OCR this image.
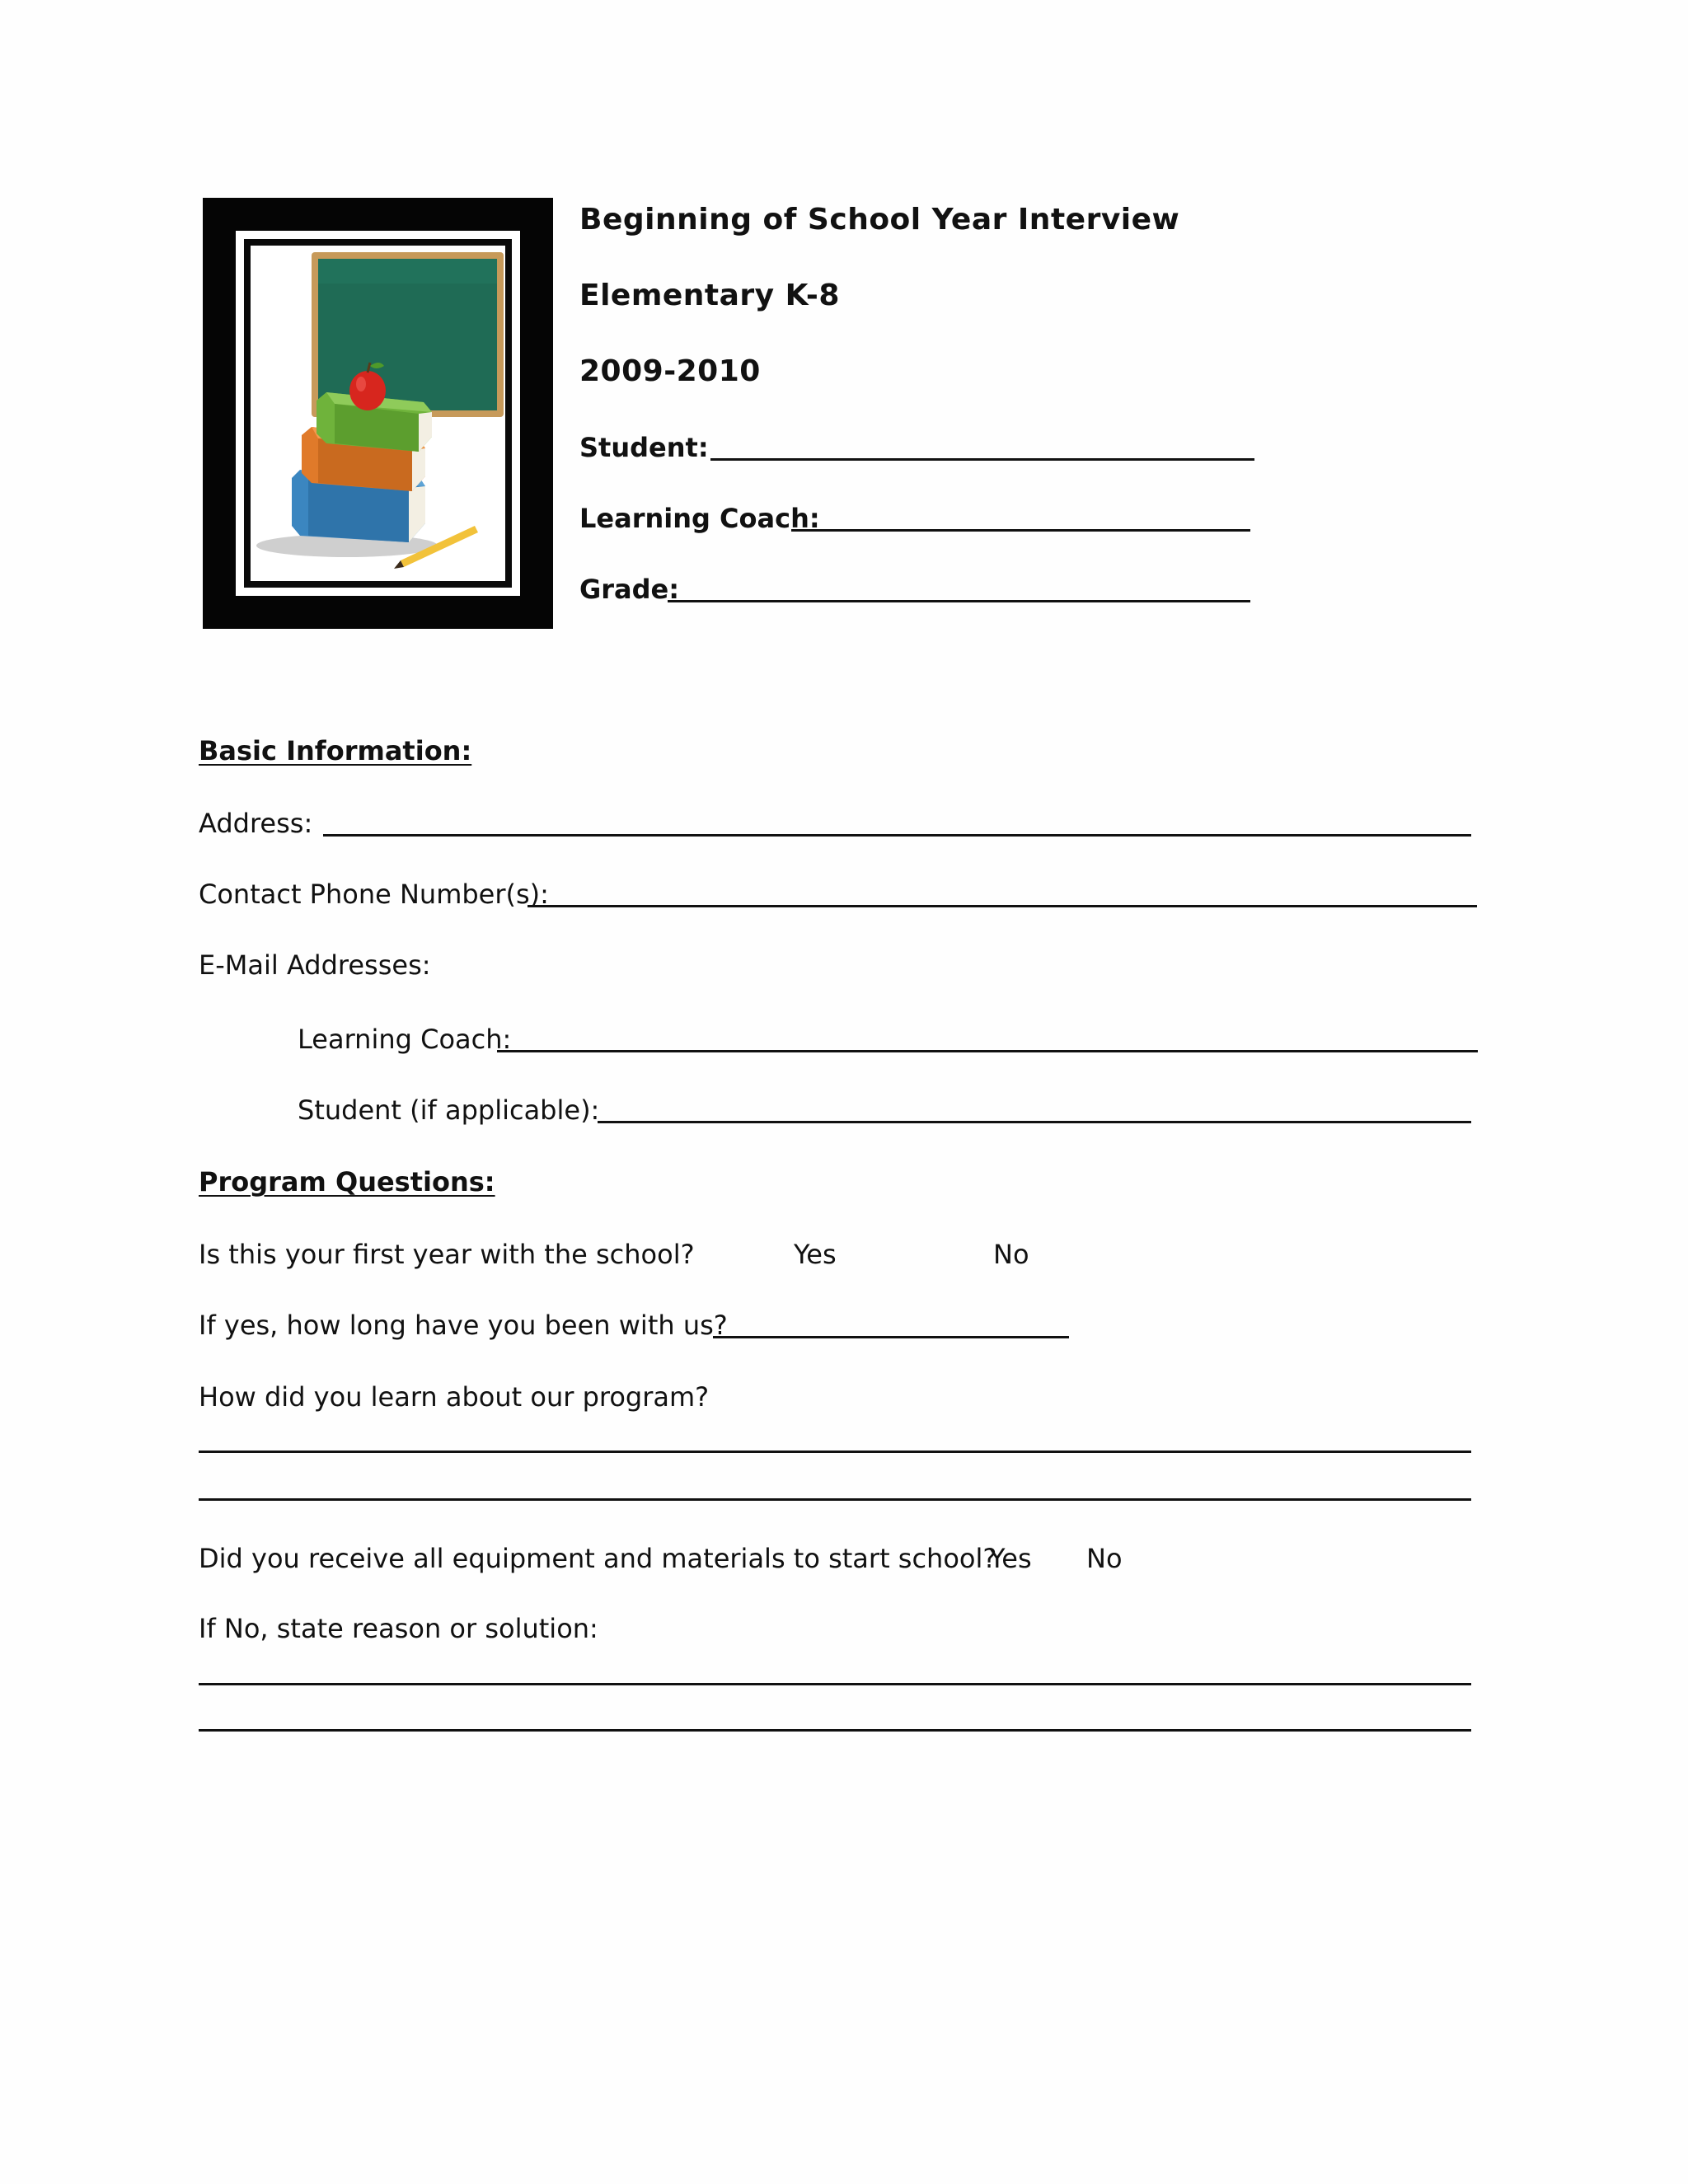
Beginning of School Year Interview
Elementary K-8
2009-2010
Student:
Learning Coach:
Grade:
Basic Information:
Address:
Contact Phone Number(s):
E-Mail Addresses:
Learning Coach:
Student (if applicable):
Program Questions:
Is this your first year with the school?	Yes	No
If yes, how long have you been with us?
How did you learn about our program?
Did you receive all equipment and materials to start school?
Yes No
If No, state reason or solution:
